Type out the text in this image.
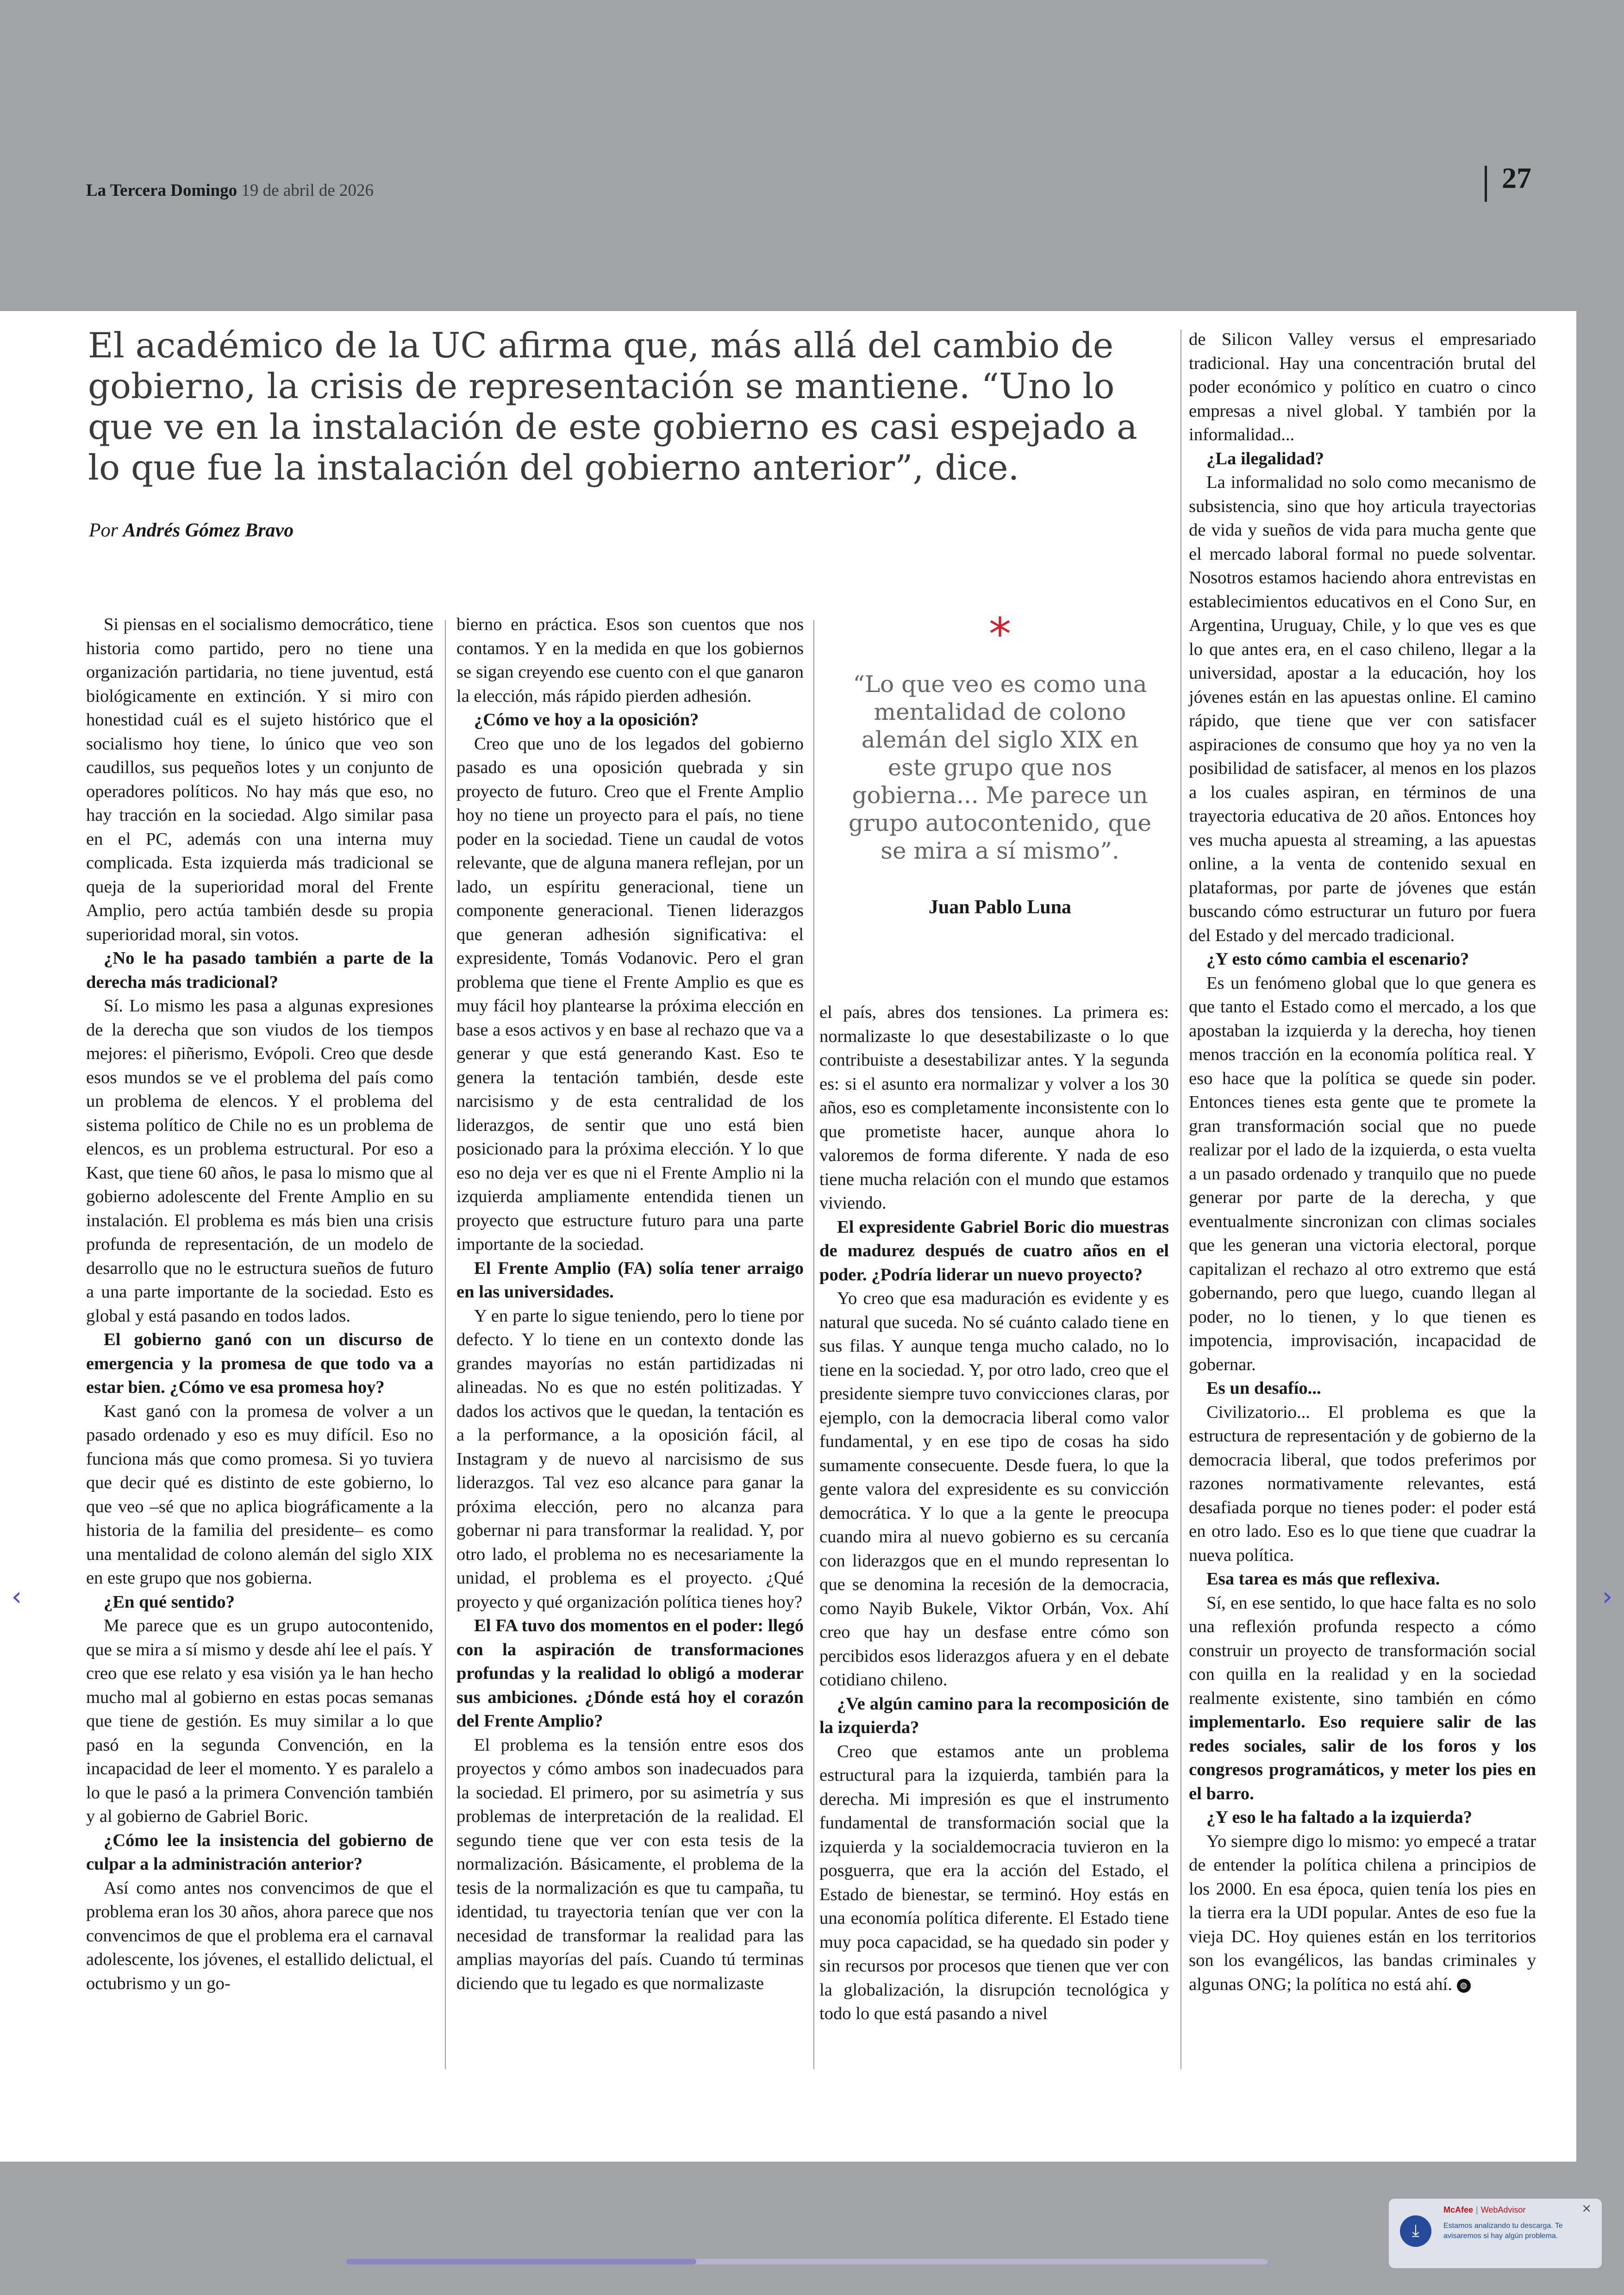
La Tercera Domingo 19 de abril de 2026	27
El académico de la UC afirma que, más allá del cambio de gobierno, la crisis de representación se mantiene. “Uno lo que ve en la instalación de este gobierno es casi espejado a lo que fue la instalación del gobierno anterior”, dice.
Por Andrés Gómez Bravo

Si piensas en el socialismo democrático, tiene historia como partido, pero no tiene una organización partidaria, no tiene juventud, está biológicamente en extinción. Y si miro con honestidad cuál es el sujeto histórico que el socialismo hoy tiene, lo único que veo son caudillos, sus pequeños lotes y un conjunto de operadores políticos. No hay más que eso, no hay tracción en la sociedad. Algo similar pasa en el PC, además con una interna muy complicada. Esta izquierda más tradicional se queja de la superioridad moral del Frente Amplio, pero actúa también desde su propia superioridad moral, sin votos.

¿No le ha pasado también a parte de la derecha más tradicional?

Sí. Lo mismo les pasa a algunas expresiones de la derecha que son viudos de los tiempos mejores: el piñerismo, Evópoli. Creo que desde esos mundos se ve el problema del país como un problema de elencos. Y el problema del sistema político de Chile no es un problema de elencos, es un problema estructural. Por eso a Kast, que tiene 60 años, le pasa lo mismo que al gobierno adolescente del Frente Amplio en su instalación. El problema es más bien una crisis profunda de representación, de un modelo de desarrollo que no le estructura sueños de futuro a una parte importante de la sociedad. Esto es global y está pasando en todos lados.

El gobierno ganó con un discurso de emergencia y la promesa de que todo va a estar bien. ¿Cómo ve esa promesa hoy?

Kast ganó con la promesa de volver a un pasado ordenado y eso es muy difícil. Eso no funciona más que como promesa. Si yo tuviera que decir qué es distinto de este gobierno, lo que veo –sé que no aplica biográficamente a la historia de la familia del presidente– es como una mentalidad de colono alemán del siglo XIX en este grupo que nos gobierna.

¿En qué sentido?

Me parece que es un grupo autocontenido, que se mira a sí mismo y desde ahí lee el país. Y creo que ese relato y esa visión ya le han hecho mucho mal al gobierno en estas pocas semanas que tiene de gestión. Es muy similar a lo que pasó en la segunda Convención, en la incapacidad de leer el momento. Y es paralelo a lo que le pasó a la primera Convención también y al gobierno de Gabriel Boric.

¿Cómo lee la insistencia del gobierno de culpar a la administración anterior?

Así como antes nos convencimos de que el problema eran los 30 años, ahora parece que nos convencimos de que el problema era el carnaval adolescente, los jóvenes, el estallido delictual, el octubrismo y un go-

bierno en práctica. Esos son cuentos que nos contamos. Y en la medida en que los gobiernos se sigan creyendo ese cuento con el que ganaron la elección, más rápido pierden adhesión.

¿Cómo ve hoy a la oposición?

Creo que uno de los legados del gobierno pasado es una oposición quebrada y sin proyecto de futuro. Creo que el Frente Amplio hoy no tiene un proyecto para el país, no tiene poder en la sociedad. Tiene un caudal de votos relevante, que de alguna manera reflejan, por un lado, un espíritu generacional, tiene un componente generacional. Tienen liderazgos que generan adhesión significativa: el expresidente, Tomás Vodanovic. Pero el gran problema que tiene el Frente Amplio es que es muy fácil hoy plantearse la próxima elección en base a esos activos y en base al rechazo que va a generar y que está generando Kast. Eso te genera la tentación también, desde este narcisismo y de esta centralidad de los liderazgos, de sentir que uno está bien posicionado para la próxima elección. Y lo que eso no deja ver es que ni el Frente Amplio ni la izquierda ampliamente entendida tienen un proyecto que estructure futuro para una parte importante de la sociedad.

El Frente Amplio (FA) solía tener arraigo en las universidades.

Y en parte lo sigue teniendo, pero lo tiene por defecto. Y lo tiene en un contexto donde las grandes mayorías no están partidizadas ni alineadas. No es que no estén politizadas. Y dados los activos que le quedan, la tentación es a la performance, a la oposición fácil, al Instagram y de nuevo al narcisismo de sus liderazgos. Tal vez eso alcance para ganar la próxima elección, pero no alcanza para gobernar ni para transformar la realidad. Y, por otro lado, el problema no es necesariamente la unidad, el problema es el proyecto. ¿Qué proyecto y qué organización política tienes hoy?

El FA tuvo dos momentos en el poder: llegó con la aspiración de transformaciones profundas y la realidad lo obligó a moderar sus ambiciones. ¿Dónde está hoy el corazón del Frente Amplio?

El problema es la tensión entre esos dos proyectos y cómo ambos son inadecuados para la sociedad. El primero, por su asimetría y sus problemas de interpretación de la realidad. El segundo tiene que ver con esta tesis de la normalización. Básicamente, el problema de la tesis de la normalización es que tu campaña, tu identidad, tu trayectoria tenían que ver con la necesidad de transformar la realidad para las amplias mayorías del país. Cuando tú terminas diciendo que tu legado es que normalizaste

*
“Lo que veo es como una mentalidad de colono alemán del siglo XIX en este grupo que nos gobierna... Me parece un grupo autocontenido, que se mira a sí mismo”.
Juan Pablo Luna

el país, abres dos tensiones. La primera es: normalizaste lo que desestabilizaste o lo que contribuiste a desestabilizar antes. Y la segunda es: si el asunto era normalizar y volver a los 30 años, eso es completamente inconsistente con lo que prometiste hacer, aunque ahora lo valoremos de forma diferente. Y nada de eso tiene mucha relación con el mundo que estamos viviendo.

El expresidente Gabriel Boric dio muestras de madurez después de cuatro años en el poder. ¿Podría liderar un nuevo proyecto?

Yo creo que esa maduración es evidente y es natural que suceda. No sé cuánto calado tiene en sus filas. Y aunque tenga mucho calado, no lo tiene en la sociedad. Y, por otro lado, creo que el presidente siempre tuvo convicciones claras, por ejemplo, con la democracia liberal como valor fundamental, y en ese tipo de cosas ha sido sumamente consecuente. Desde fuera, lo que la gente valora del expresidente es su convicción democrática. Y lo que a la gente le preocupa cuando mira al nuevo gobierno es su cercanía con liderazgos que en el mundo representan lo que se denomina la recesión de la democracia, como Nayib Bukele, Viktor Orbán, Vox. Ahí creo que hay un desfase entre cómo son percibidos esos liderazgos afuera y en el debate cotidiano chileno.

¿Ve algún camino para la recomposición de la izquierda?

Creo que estamos ante un problema estructural para la izquierda, también para la derecha. Mi impresión es que el instrumento fundamental de transformación social que la izquierda y la socialdemocracia tuvieron en la posguerra, que era la acción del Estado, el Estado de bienestar, se terminó. Hoy estás en una economía política diferente. El Estado tiene muy poca capacidad, se ha quedado sin poder y sin recursos por procesos que tienen que ver con la globalización, la disrupción tecnológica y todo lo que está pasando a nivel

de Silicon Valley versus el empresariado tradicional. Hay una concentración brutal del poder económico y político en cuatro o cinco empresas a nivel global. Y también por la informalidad...

¿La ilegalidad?

La informalidad no solo como mecanismo de subsistencia, sino que hoy articula trayectorias de vida y sueños de vida para mucha gente que el mercado laboral formal no puede solventar. Nosotros estamos haciendo ahora entrevistas en establecimientos educativos en el Cono Sur, en Argentina, Uruguay, Chile, y lo que ves es que lo que antes era, en el caso chileno, llegar a la universidad, apostar a la educación, hoy los jóvenes están en las apuestas online. El camino rápido, que tiene que ver con satisfacer aspiraciones de consumo que hoy ya no ven la posibilidad de satisfacer, al menos en los plazos a los cuales aspiran, en términos de una trayectoria educativa de 20 años. Entonces hoy ves mucha apuesta al streaming, a las apuestas online, a la venta de contenido sexual en plataformas, por parte de jóvenes que están buscando cómo estructurar un futuro por fuera del Estado y del mercado tradicional.

¿Y esto cómo cambia el escenario?

Es un fenómeno global que lo que genera es que tanto el Estado como el mercado, a los que apostaban la izquierda y la derecha, hoy tienen menos tracción en la economía política real. Y eso hace que la política se quede sin poder. Entonces tienes esta gente que te promete la gran transformación social que no puede realizar por el lado de la izquierda, o esta vuelta a un pasado ordenado y tranquilo que no puede generar por parte de la derecha, y que eventualmente sincronizan con climas sociales que les generan una victoria electoral, porque capitalizan el rechazo al otro extremo que está gobernando, pero que luego, cuando llegan al poder, no lo tienen, y lo que tienen es impotencia, improvisación, incapacidad de gobernar.

Es un desafío...

Civilizatorio... El problema es que la estructura de representación y de gobierno de la democracia liberal, que todos preferimos por razones normativamente relevantes, está desafiada porque no tienes poder: el poder está en otro lado. Eso es lo que tiene que cuadrar la nueva política.

Esa tarea es más que reflexiva.

Sí, en ese sentido, lo que hace falta es no solo una reflexión profunda respecto a cómo construir un proyecto de transformación social con quilla en la realidad y en la sociedad realmente existente, sino también en cómo implementarlo. Eso requiere salir de las redes sociales, salir de los foros y los congresos programáticos, y meter los pies en el barro.

¿Y eso le ha faltado a la izquierda?

Yo siempre digo lo mismo: yo empecé a tratar de entender la política chilena a principios de los 2000. En esa época, quien tenía los pies en la tierra era la UDI popular. Antes de eso fue la vieja DC. Hoy quienes están en los territorios son los evangélicos, las bandas criminales y algunas ONG; la política no está ahí. ◍

‹	›
⤓
McAfee | WebAdvisor
Estamos analizando tu descarga. Te avisaremos si hay algún problema.
×
